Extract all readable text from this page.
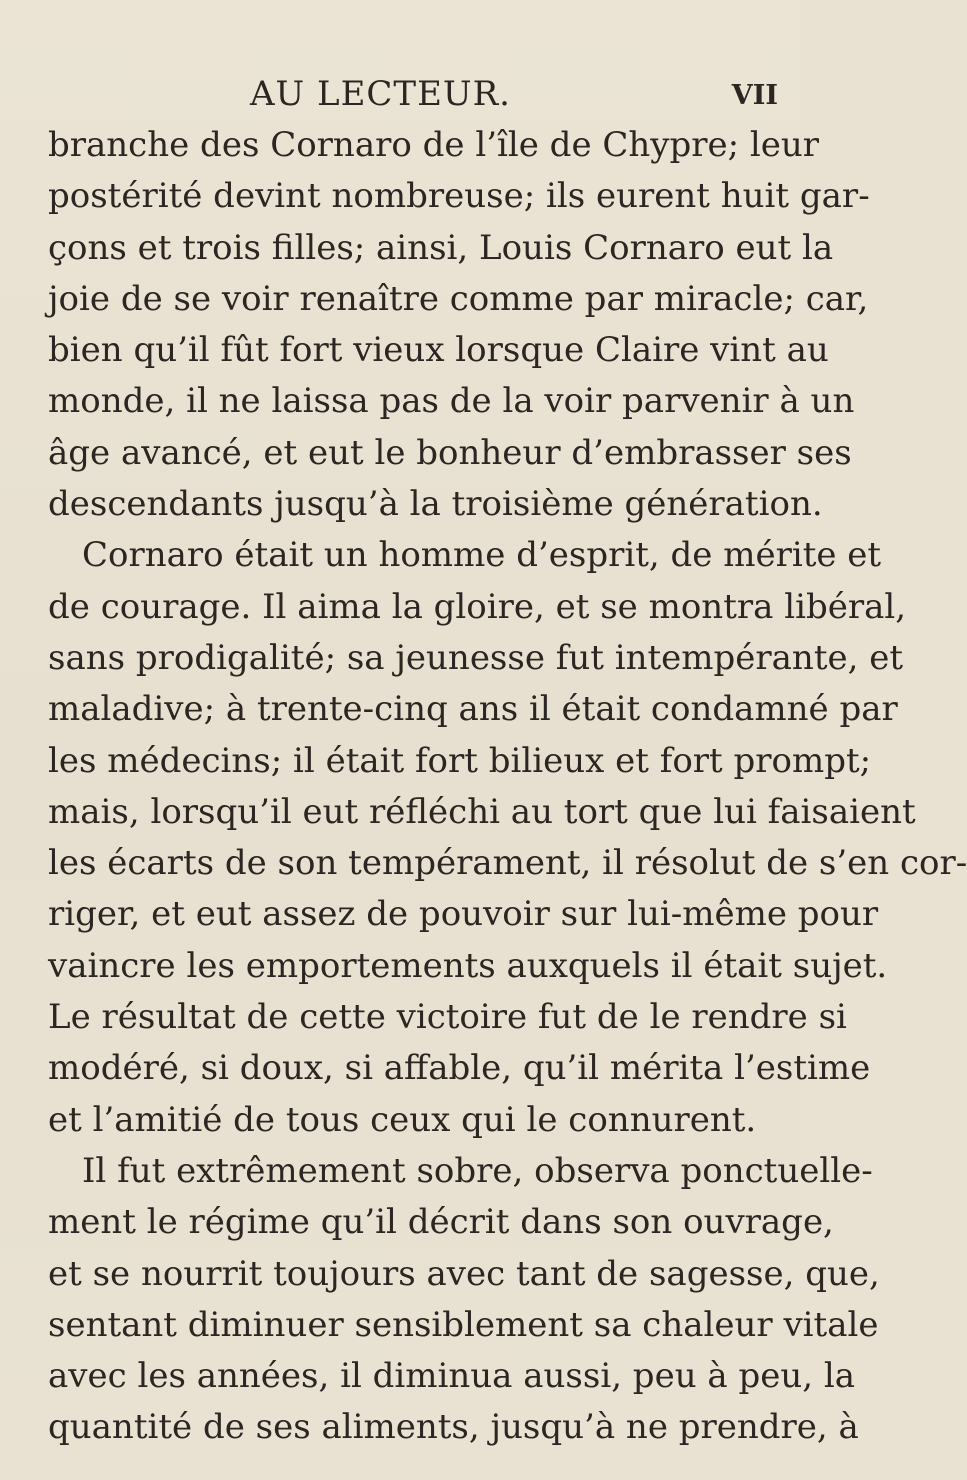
AU LECTEUR.	VII
branche des Cornaro de l’île de Chypre; leur
postérité devint nombreuse; ils eurent huit gar-
çons et trois filles; ainsi, Louis Cornaro eut la
joie de se voir renaître comme par miracle; car,
bien qu’il fût fort vieux lorsque Claire vint au
monde, il ne laissa pas de la voir parvenir à un
âge avancé, et eut le bonheur d’embrasser ses
descendants jusqu’à la troisième génération.
Cornaro était un homme d’esprit, de mérite et
de courage. Il aima la gloire, et se montra libéral,
sans prodigalité; sa jeunesse fut intempérante, et
maladive; à trente-cinq ans il était condamné par
les médecins; il était fort bilieux et fort prompt;
mais, lorsqu’il eut réfléchi au tort que lui faisaient
les écarts de son tempérament, il résolut de s’en cor-
riger, et eut assez de pouvoir sur lui-même pour
vaincre les emportements auxquels il était sujet.
Le résultat de cette victoire fut de le rendre si
modéré, si doux, si affable, qu’il mérita l’estime
et l’amitié de tous ceux qui le connurent.
Il fut extrêmement sobre, observa ponctuelle-
ment le régime qu’il décrit dans son ouvrage,
et se nourrit toujours avec tant de sagesse, que,
sentant diminuer sensiblement sa chaleur vitale
avec les années, il diminua aussi, peu à peu, la
quantité de ses aliments, jusqu’à ne prendre, à
